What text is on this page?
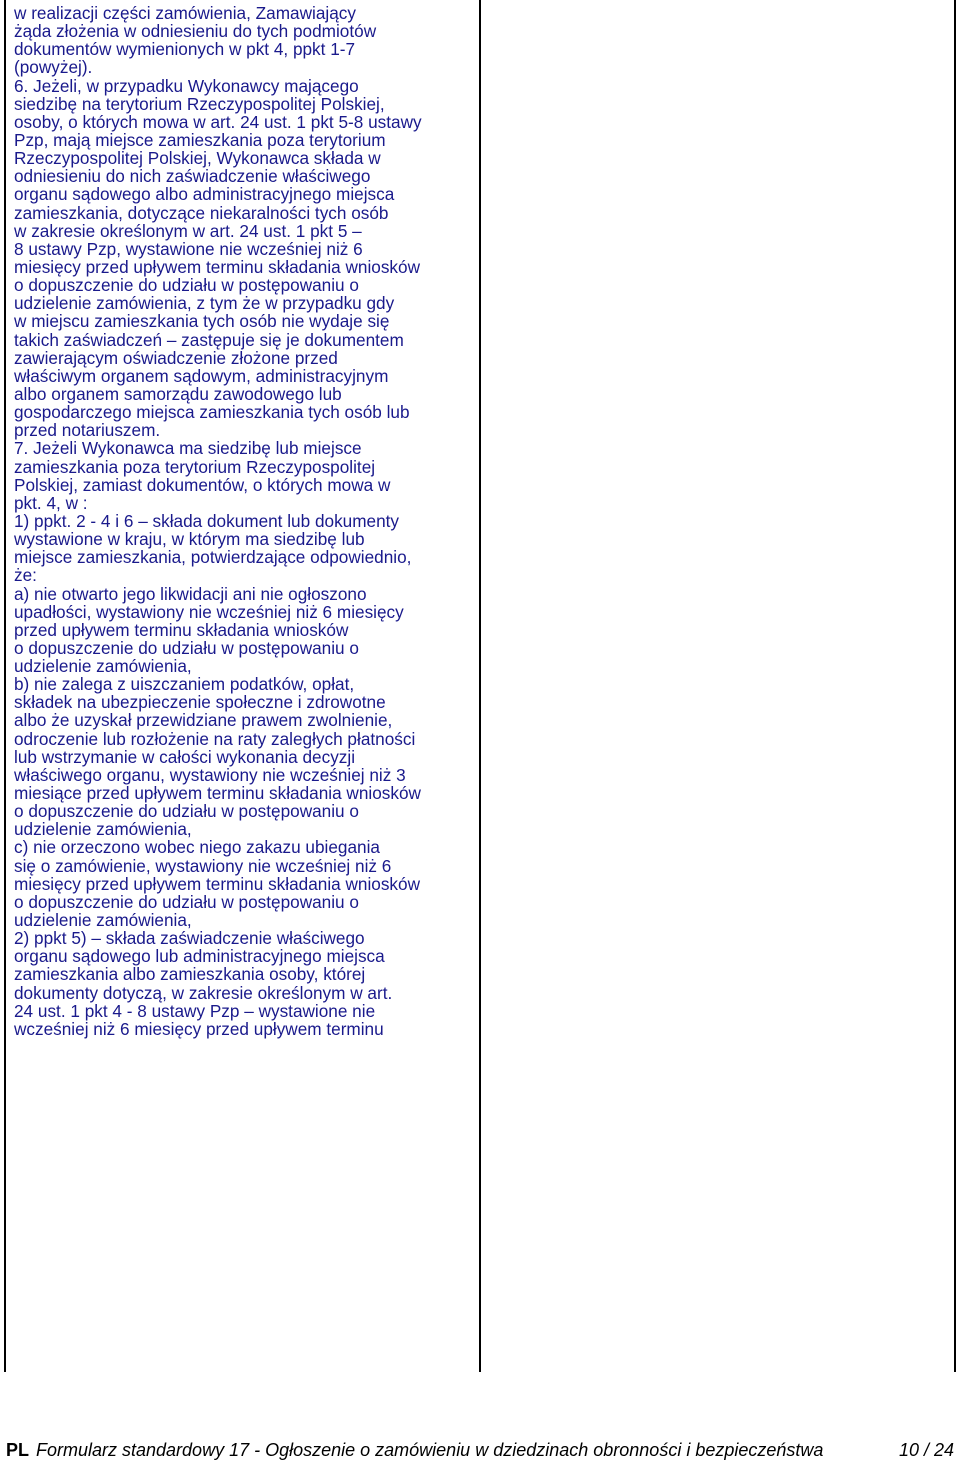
w realizacji części zamówienia, Zamawiający
żąda złożenia w odniesieniu do tych podmiotów
dokumentów wymienionych w pkt 4, ppkt 1-7
(powyżej).
6. Jeżeli, w przypadku Wykonawcy mającego
siedzibę na terytorium Rzeczypospolitej Polskiej,
osoby, o których mowa w art. 24 ust. 1 pkt 5-8 ustawy
Pzp, mają miejsce zamieszkania poza terytorium
Rzeczypospolitej Polskiej, Wykonawca składa w
odniesieniu do nich zaświadczenie właściwego
organu sądowego albo administracyjnego miejsca
zamieszkania, dotyczące niekaralności tych osób
w zakresie określonym w art. 24 ust. 1 pkt 5 –
8 ustawy Pzp, wystawione nie wcześniej niż 6
miesięcy przed upływem terminu składania wniosków
o dopuszczenie do udziału w postępowaniu o
udzielenie zamówienia, z tym że w przypadku gdy
w miejscu zamieszkania tych osób nie wydaje się
takich zaświadczeń – zastępuje się je dokumentem
zawierającym oświadczenie złożone przed
właściwym organem sądowym, administracyjnym
albo organem samorządu zawodowego lub
gospodarczego miejsca zamieszkania tych osób lub
przed notariuszem.
7. Jeżeli Wykonawca ma siedzibę lub miejsce
zamieszkania poza terytorium Rzeczypospolitej
Polskiej, zamiast dokumentów, o których mowa w
pkt. 4, w :
1) ppkt. 2 - 4 i 6 – składa dokument lub dokumenty
wystawione w kraju, w którym ma siedzibę lub
miejsce zamieszkania, potwierdzające odpowiednio,
że:
a) nie otwarto jego likwidacji ani nie ogłoszono
upadłości, wystawiony nie wcześniej niż 6 miesięcy
przed upływem terminu składania wniosków
o dopuszczenie do udziału w postępowaniu o
udzielenie zamówienia,
b) nie zalega z uiszczaniem podatków, opłat,
składek na ubezpieczenie społeczne i zdrowotne
albo że uzyskał przewidziane prawem zwolnienie,
odroczenie lub rozłożenie na raty zaległych płatności
lub wstrzymanie w całości wykonania decyzji
właściwego organu, wystawiony nie wcześniej niż 3
miesiące przed upływem terminu składania wniosków
o dopuszczenie do udziału w postępowaniu o
udzielenie zamówienia,
c) nie orzeczono wobec niego zakazu ubiegania
się o zamówienie, wystawiony nie wcześniej niż 6
miesięcy przed upływem terminu składania wniosków
o dopuszczenie do udziału w postępowaniu o
udzielenie zamówienia,
2) ppkt 5) – składa zaświadczenie właściwego
organu sądowego lub administracyjnego miejsca
zamieszkania albo zamieszkania osoby, której
dokumenty dotyczą, w zakresie określonym w art.
24 ust. 1 pkt 4 - 8 ustawy Pzp – wystawione nie
wcześniej niż 6 miesięcy przed upływem terminu
PL Formularz standardowy 17 - Ogłoszenie o zamówieniu w dziedzinach obronności i bezpieczeństwa	10 / 24
